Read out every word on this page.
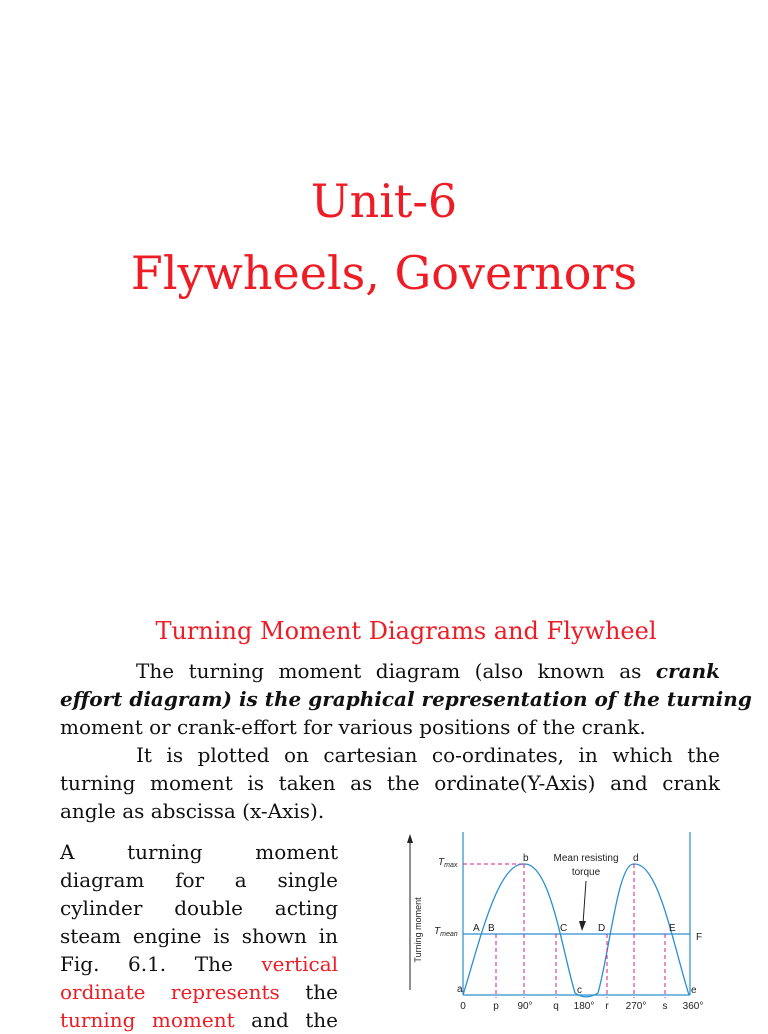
Unit-6
Flywheels, Governors
Turning Moment Diagrams and Flywheel
The turning moment diagram (also known as crank
effort diagram) is the graphical representation of the turning
moment or crank-effort for various positions of the crank.
It is plotted on cartesian co-ordinates, in which the
turning moment is taken as the ordinate(Y-Axis) and crank
angle as abscissa (x-Axis).
A	turning	moment
diagram for a single
cylinder double acting
steam engine is shown in
Fig. 6.1. The vertical
ordinate represents the
turning moment and the
Turning moment
$T_{max}$
$T_{mean}$
Mean resisting
torque
A B	C	D	E
F
a
b
c
d
e
0	p 90° q 180° r 270° s 360°
